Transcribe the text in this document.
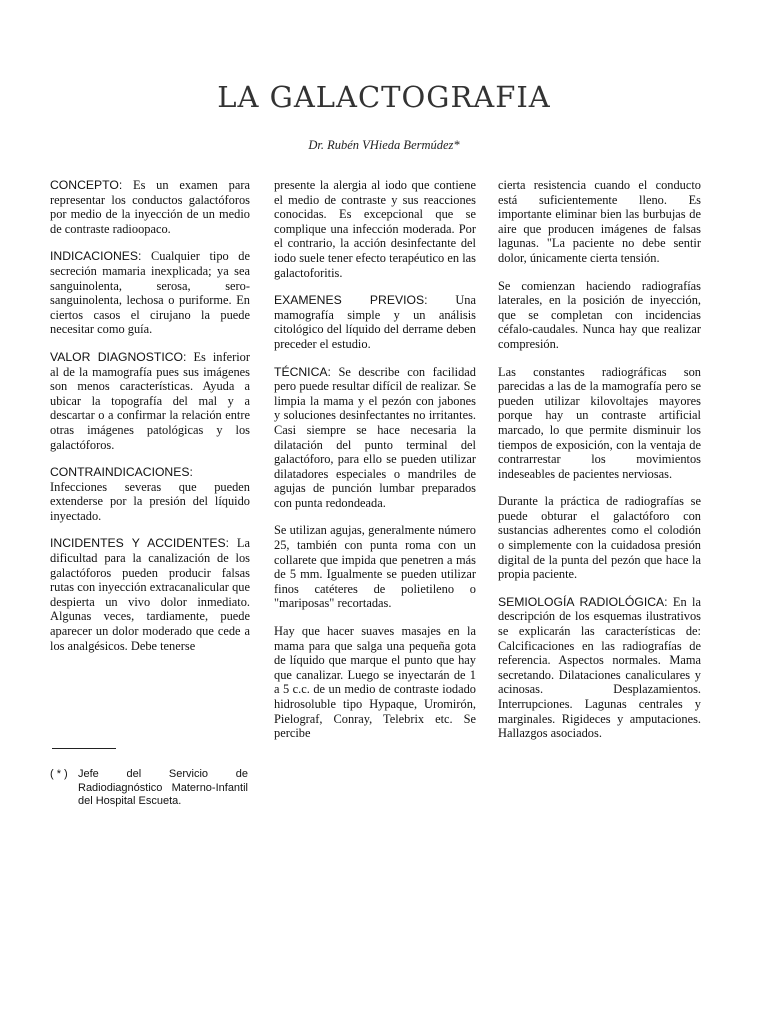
LA GALACTOGRAFIA
Dr. Rubén VHieda Bermúdez*

CONCEPTO: Es un examen para representar los conductos galactóforos por medio de la inyección de un medio de contraste radioopaco.

INDICACIONES: Cualquier tipo de secreción mamaria inexplicada; ya sea sanguinolenta, serosa, sero-sanguinolenta, lechosa o puriforme. En ciertos casos el cirujano la puede necesitar como guía.

VALOR DIAGNOSTICO: Es inferior al de la mamografía pues sus imágenes son menos características. Ayuda a ubicar la topografía del mal y a descartar o a confirmar la relación entre otras imágenes patológicas y los galactóforos.

CONTRAINDICACIONES: Infecciones severas que pueden extenderse por la presión del líquido inyectado.

INCIDENTES Y ACCIDENTES: La dificultad para la canalización de los galactóforos pueden producir falsas rutas con inyección extracanalicular que despierta un vivo dolor inmediato. Algunas veces, tardiamente, puede aparecer un dolor moderado que cede a los analgésicos. Debe tenerse

presente la alergia al iodo que contiene el medio de contraste y sus reacciones conocidas. Es excepcional que se complique una infección moderada. Por el contrario, la acción desinfectante del iodo suele tener efecto terapéutico en las galactoforitis.

EXAMENES PREVIOS: Una mamografía simple y un análisis citológico del líquido del derrame deben preceder el estudio.

TÉCNICA: Se describe con facilidad pero puede resultar difícil de realizar. Se limpia la mama y el pezón con jabones y soluciones desinfectantes no irritantes. Casi siempre se hace necesaria la dilatación del punto terminal del galactóforo, para ello se pueden utilizar dilatadores especiales o mandriles de agujas de punción lumbar preparados con punta redondeada.

Se utilizan agujas, generalmente número 25, también con punta roma con un collarete que impida que penetren a más de 5 mm. Igualmente se pueden utilizar finos catéteres de polietileno o "mariposas" recortadas.

Hay que hacer suaves masajes en la mama para que salga una pequeña gota de líquido que marque el punto que hay que canalizar. Luego se inyectarán de 1 a 5 c.c. de un medio de contraste iodado hidrosoluble tipo Hypaque, Uromirón, Pielograf, Conray, Telebrix etc. Se percibe

cierta resistencia cuando el conducto está suficientemente lleno. Es importante eliminar bien las burbujas de aire que producen imágenes de falsas lagunas. "La paciente no debe sentir dolor, únicamente cierta tensión.

Se comienzan haciendo radiografías laterales, en la posición de inyección, que se completan con incidencias céfalo-caudales. Nunca hay que realizar compresión.

Las constantes radiográficas son parecidas a las de la mamografía pero se pueden utilizar kilovoltajes mayores porque hay un contraste artificial marcado, lo que permite disminuir los tiempos de exposición, con la ventaja de contrarrestar los movimientos indeseables de pacientes nerviosas.

Durante la práctica de radiografías se puede obturar el galactóforo con sustancias adherentes como el colodión o simplemente con la cuidadosa presión digital de la punta del pezón que hace la propia paciente.

SEMIOLOGÍA RADIOLÓGICA: En la descripción de los esquemas ilustrativos se explicarán las características de: Calcificaciones en las radiografías de referencia. Aspectos normales. Mama secretando. Dilataciones canaliculares y acinosas. Desplazamientos. Interrupciones. Lagunas centrales y marginales. Rigideces y amputaciones. Hallazgos asociados.

( * ) Jefe del Servicio de Radiodiagnóstico Materno-Infantil del Hospital Escueta.
